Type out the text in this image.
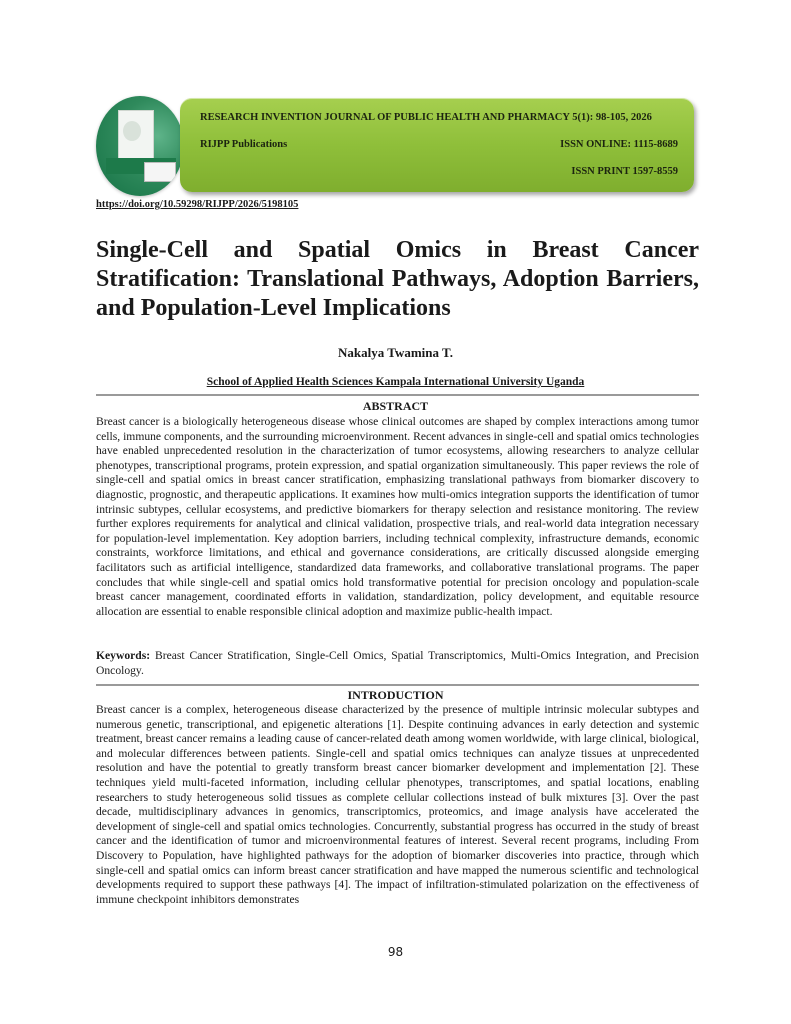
RESEARCH INVENTION JOURNAL OF PUBLIC HEALTH AND PHARMACY 5(1): 98-105, 2026
RIJPP Publications	ISSN ONLINE: 1115-8689
ISSN PRINT 1597-8559
https://doi.org/10.59298/RIJPP/2026/5198105
Single-Cell and Spatial Omics in Breast Cancer Stratification: Translational Pathways, Adoption Barriers, and Population-Level Implications
Nakalya Twamina T.
School of Applied Health Sciences Kampala International University Uganda
ABSTRACT

Breast cancer is a biologically heterogeneous disease whose clinical outcomes are shaped by complex interactions among tumor cells, immune components, and the surrounding microenvironment. Recent advances in single-cell and spatial omics technologies have enabled unprecedented resolution in the characterization of tumor ecosystems, allowing researchers to analyze cellular phenotypes, transcriptional programs, protein expression, and spatial organization simultaneously. This paper reviews the role of single-cell and spatial omics in breast cancer stratification, emphasizing translational pathways from biomarker discovery to diagnostic, prognostic, and therapeutic applications. It examines how multi-omics integration supports the identification of tumor intrinsic subtypes, cellular ecosystems, and predictive biomarkers for therapy selection and resistance monitoring. The review further explores requirements for analytical and clinical validation, prospective trials, and real-world data integration necessary for population-level implementation. Key adoption barriers, including technical complexity, infrastructure demands, economic constraints, workforce limitations, and ethical and governance considerations, are critically discussed alongside emerging facilitators such as artificial intelligence, standardized data frameworks, and collaborative translational programs. The paper concludes that while single-cell and spatial omics hold transformative potential for precision oncology and population-scale breast cancer management, coordinated efforts in validation, standardization, policy development, and equitable resource allocation are essential to enable responsible clinical adoption and maximize public-health impact.

Keywords: Breast Cancer Stratification, Single-Cell Omics, Spatial Transcriptomics, Multi-Omics Integration, and Precision Oncology.

INTRODUCTION

Breast cancer is a complex, heterogeneous disease characterized by the presence of multiple intrinsic molecular subtypes and numerous genetic, transcriptional, and epigenetic alterations [1]. Despite continuing advances in early detection and systemic treatment, breast cancer remains a leading cause of cancer-related death among women worldwide, with large clinical, biological, and molecular differences between patients. Single-cell and spatial omics techniques can analyze tissues at unprecedented resolution and have the potential to greatly transform breast cancer biomarker development and implementation [2]. These techniques yield multi-faceted information, including cellular phenotypes, transcriptomes, and spatial locations, enabling researchers to study heterogeneous solid tissues as complete cellular collections instead of bulk mixtures [3]. Over the past decade, multidisciplinary advances in genomics, transcriptomics, proteomics, and image analysis have accelerated the development of single-cell and spatial omics technologies. Concurrently, substantial progress has occurred in the study of breast cancer and the identification of tumor and microenvironmental features of interest. Several recent programs, including From Discovery to Population, have highlighted pathways for the adoption of biomarker discoveries into practice, through which single-cell and spatial omics can inform breast cancer stratification and have mapped the numerous scientific and technological developments required to support these pathways [4]. The impact of infiltration-stimulated polarization on the effectiveness of immune checkpoint inhibitors demonstrates

98
